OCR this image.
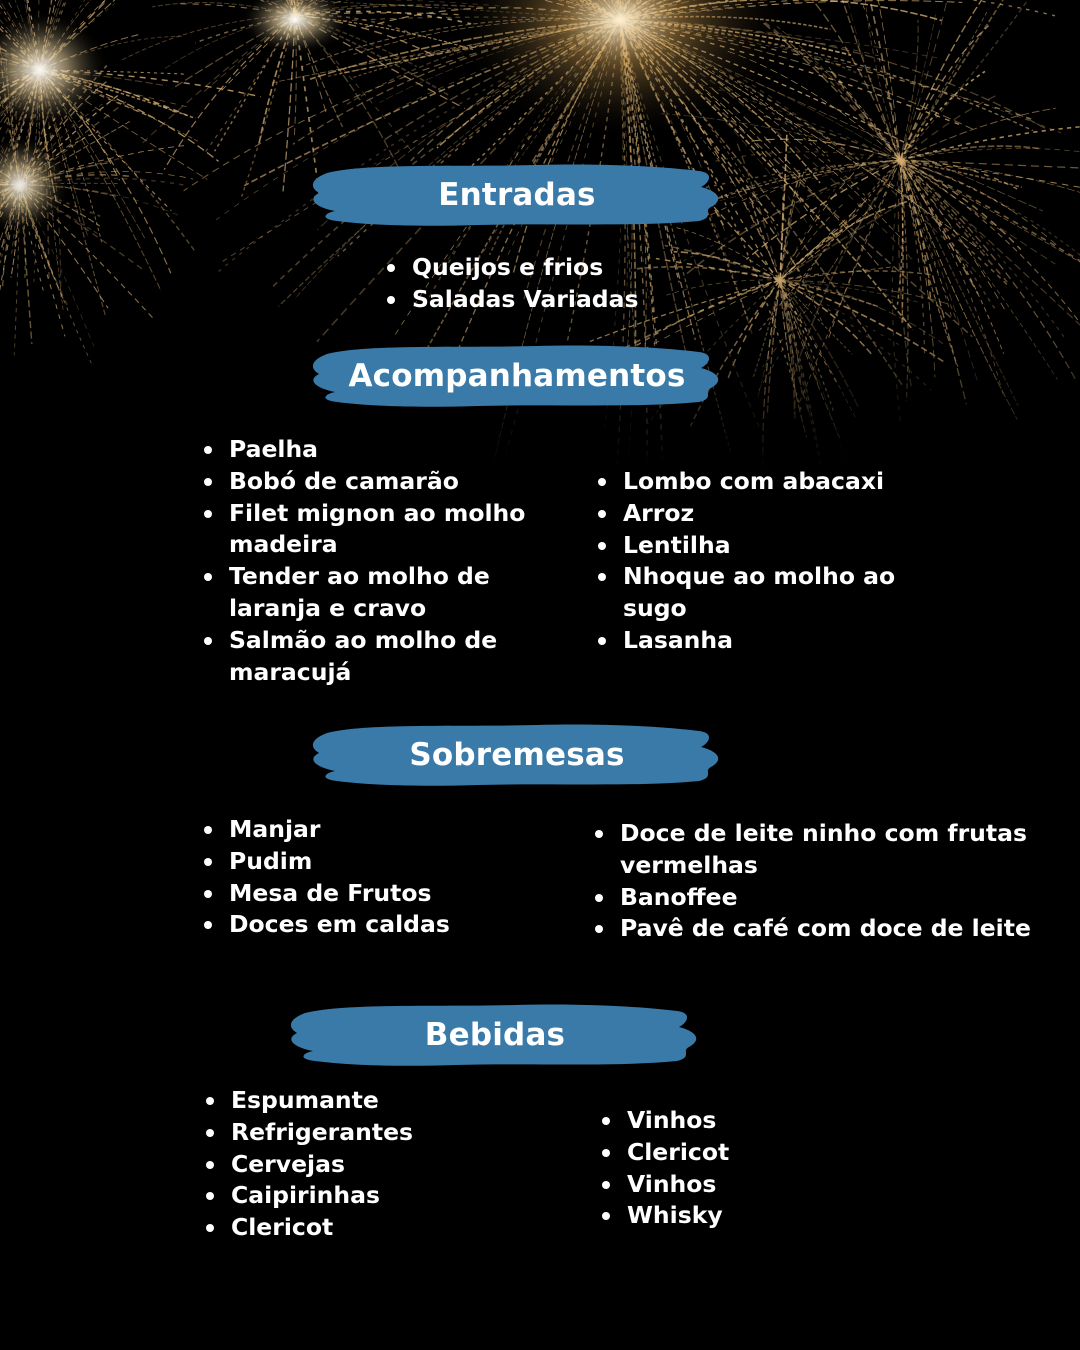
Entradas
Queijos e frios
Saladas Variadas
Acompanhamentos
Paelha
Bobó de camarão
Filet mignon ao molho madeira
Tender ao molho de laranja e cravo
Salmão ao molho de maracujá
Lombo com abacaxi
Arroz
Lentilha
Nhoque ao molho ao sugo
Lasanha
Sobremesas
Manjar
Pudim
Mesa de Frutos
Doces em caldas
Doce de leite ninho com frutas vermelhas
Banoffee
Pavê de café com doce de leite
Bebidas
Espumante
Refrigerantes
Cervejas
Caipirinhas
Clericot
Vinhos
Clericot
Vinhos
Whisky
